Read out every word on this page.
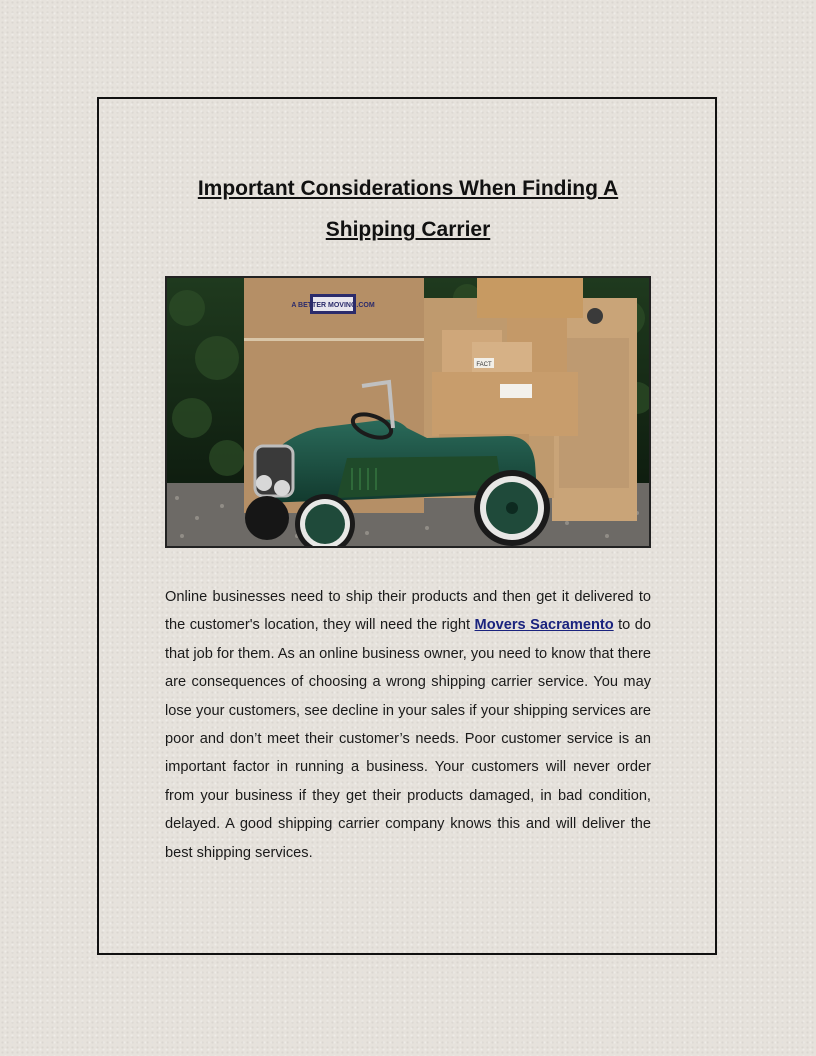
Important Considerations When Finding A
Shipping Carrier
A BETTER MOVING.COM
FACT

Online businesses need to ship their products and then get it delivered to the customer's location, they will need the right Movers Sacramento to do that job for them. As an online business owner, you need to know that there are consequences of choosing a wrong shipping carrier service. You may lose your customers, see decline in your sales if your shipping services are poor and don’t meet their customer’s needs. Poor customer service is an important factor in running a business. Your customers will never order from your business if they get their products damaged, in bad condition, delayed. A good shipping carrier company knows this and will deliver the best shipping services.
